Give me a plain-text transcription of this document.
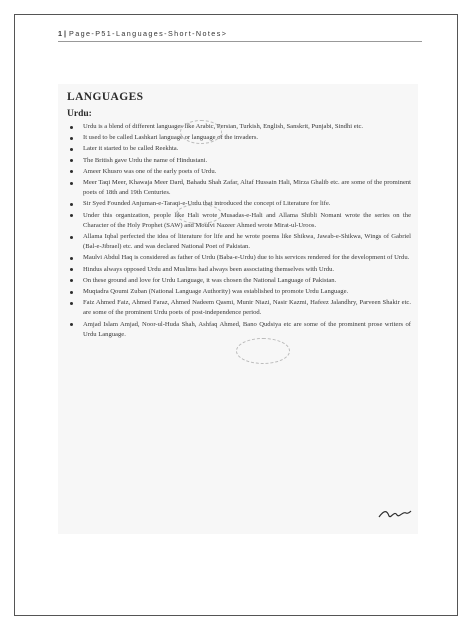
1 | Page-P51-Languages-Short-Notes>
LANGUAGES
Urdu:
Urdu is a blend of different languages like Arabic, Persian, Turkish, English, Sanskrit, Punjabi, Sindhi etc.
It used to be called Lashkari language or language of the invaders.
Later it started to be called Reekhta.
The British gave Urdu the name of Hindustani.
Ameer Khusro was one of the early poets of Urdu.
Meer Taqi Meer, Khawaja Meer Dard, Bahadu Shah Zafar, Altaf Hussain Hali, Mirza Ghalib etc. are some of the prominent poets of 18th and 19th Centuries.
Sir Syed Founded Anjuman-e-Taraqi-e-Urdu that introduced the concept of Literature for life.
Under this organization, people like Hali wrote Musadas-e-Hali and Allama Shibli Nomani wrote the series on the Character of the Holy Prophet (SAW) and Moulvi Nazeer Ahmed wrote Mirat-ul-Uroos.
Allama Iqbal perfected the idea of literature for life and he wrote poems like Shikwa, Jawab-e-Shikwa, Wings of Gabriel (Bal-e-Jibrael) etc. and was declared National Poet of Pakistan.
Maulvi Abdul Haq is considered as father of Urdu (Baba-e-Urdu) due to his services rendered for the development of Urdu.
Hindus always opposed Urdu and Muslims had always been associating themselves with Urdu.
On these ground and love for Urdu Language, it was chosen the National Language of Pakistan.
Muqtadra Qoumi Zuban (National Language Authority) was established to promote Urdu Language.
Faiz Ahmed Faiz, Ahmed Faraz, Ahmed Nadeem Qasmi, Munir Niazi, Nasir Kazmi, Hafeez Jalandhry, Parveen Shakir etc. are some of the prominent Urdu poets of post-independence period.
Amjad Islam Amjad, Noor-ul-Huda Shah, Ashfaq Ahmed, Bano Qudsiya etc are some of the prominent prose writers of Urdu Language.
